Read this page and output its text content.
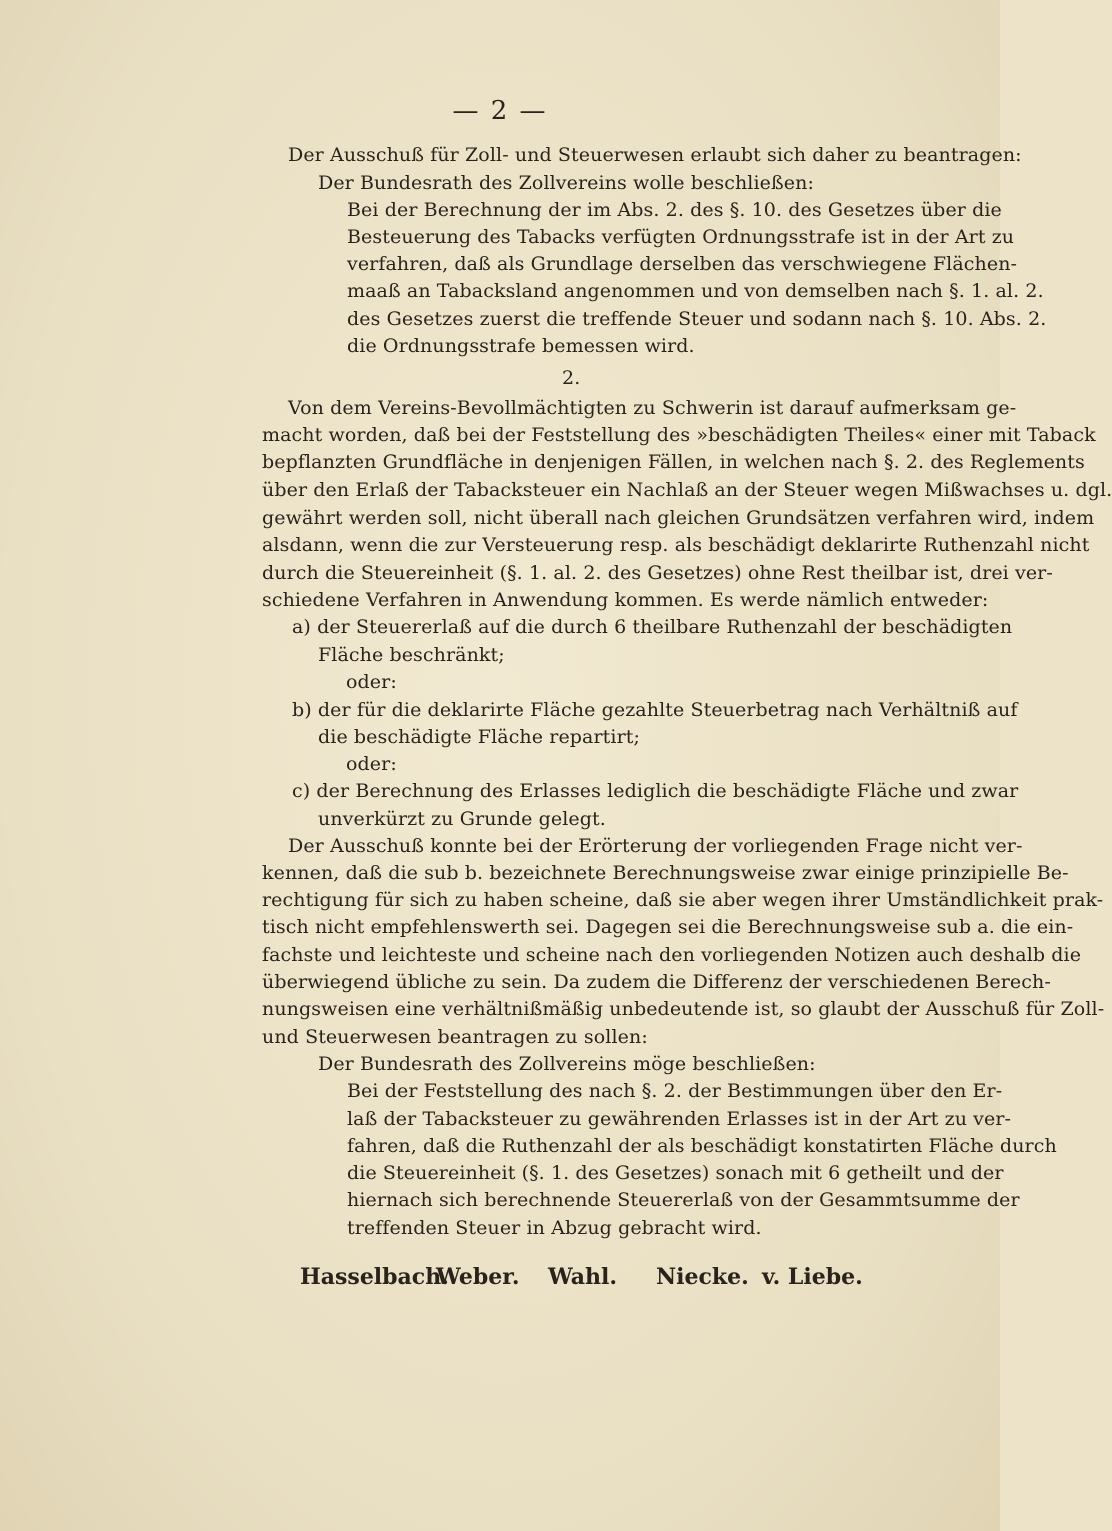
— 2 —
Der Ausschuß für Zoll- und Steuerwesen erlaubt sich daher zu beantragen:
Der Bundesrath des Zollvereins wolle beschließen:
Bei der Berechnung der im Abs. 2. des §. 10. des Gesetzes über die
Besteuerung des Tabacks verfügten Ordnungsstrafe ist in der Art zu
verfahren, daß als Grundlage derselben das verschwiegene Flächen-
maaß an Tabacksland angenommen und von demselben nach §. 1. al. 2.
des Gesetzes zuerst die treffende Steuer und sodann nach §. 10. Abs. 2.
die Ordnungsstrafe bemessen wird.
2.
Von dem Vereins-Bevollmächtigten zu Schwerin ist darauf aufmerksam ge-
macht worden, daß bei der Feststellung des »beschädigten Theiles« einer mit Taback
bepflanzten Grundfläche in denjenigen Fällen, in welchen nach §. 2. des Reglements
über den Erlaß der Tabacksteuer ein Nachlaß an der Steuer wegen Mißwachses u. dgl.
gewährt werden soll, nicht überall nach gleichen Grundsätzen verfahren wird, indem
alsdann, wenn die zur Versteuerung resp. als beschädigt deklarirte Ruthenzahl nicht
durch die Steuereinheit (§. 1. al. 2. des Gesetzes) ohne Rest theilbar ist, drei ver-
schiedene Verfahren in Anwendung kommen. Es werde nämlich entweder:
a) der Steuererlaß auf die durch 6 theilbare Ruthenzahl der beschädigten
Fläche beschränkt;
oder:
b) der für die deklarirte Fläche gezahlte Steuerbetrag nach Verhältniß auf
die beschädigte Fläche repartirt;
oder:
c) der Berechnung des Erlasses lediglich die beschädigte Fläche und zwar
unverkürzt zu Grunde gelegt.
Der Ausschuß konnte bei der Erörterung der vorliegenden Frage nicht ver-
kennen, daß die sub b. bezeichnete Berechnungsweise zwar einige prinzipielle Be-
rechtigung für sich zu haben scheine, daß sie aber wegen ihrer Umständlichkeit prak-
tisch nicht empfehlenswerth sei. Dagegen sei die Berechnungsweise sub a. die ein-
fachste und leichteste und scheine nach den vorliegenden Notizen auch deshalb die
überwiegend übliche zu sein. Da zudem die Differenz der verschiedenen Berech-
nungsweisen eine verhältnißmäßig unbedeutende ist, so glaubt der Ausschuß für Zoll-
und Steuerwesen beantragen zu sollen:
Der Bundesrath des Zollvereins möge beschließen:
Bei der Feststellung des nach §. 2. der Bestimmungen über den Er-
laß der Tabacksteuer zu gewährenden Erlasses ist in der Art zu ver-
fahren, daß die Ruthenzahl der als beschädigt konstatirten Fläche durch
die Steuereinheit (§. 1. des Gesetzes) sonach mit 6 getheilt und der
hiernach sich berechnende Steuererlaß von der Gesammtsumme der
treffenden Steuer in Abzug gebracht wird.
Hasselbach.
Weber. Wahl. Niecke. v. Liebe.
